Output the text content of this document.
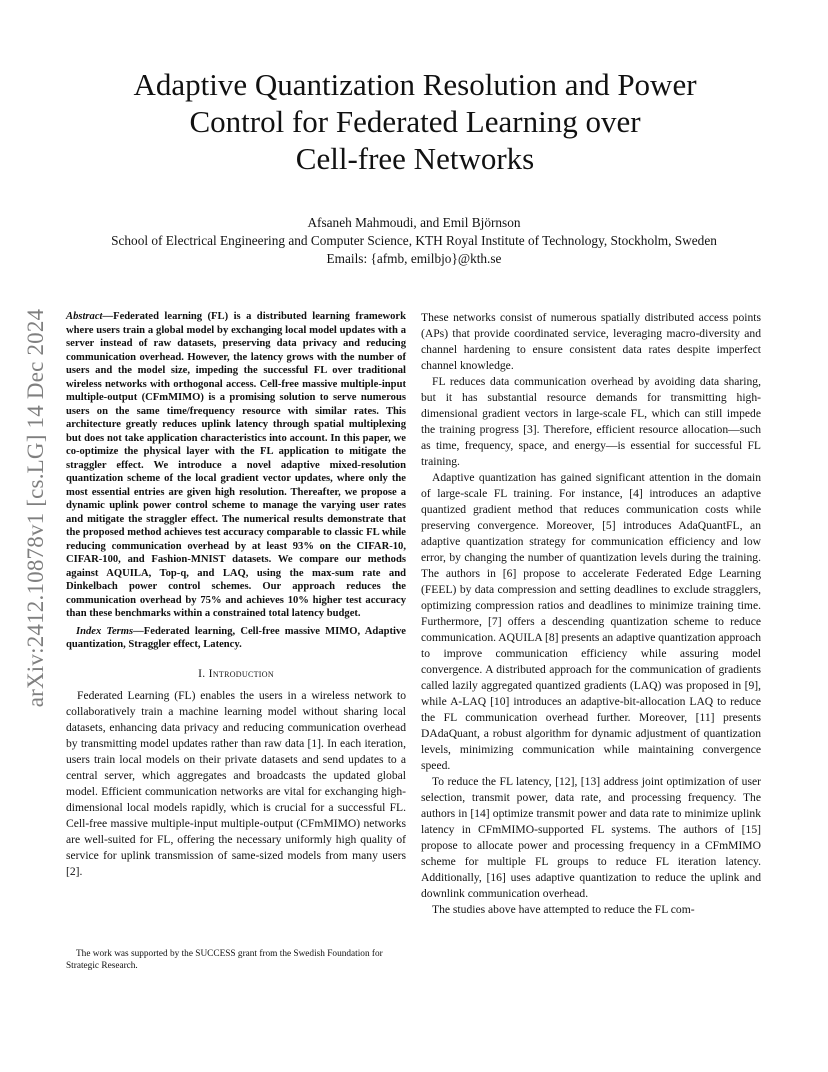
arXiv:2412.10878v1 [cs.LG] 14 Dec 2024
Adaptive Quantization Resolution and Power
Control for Federated Learning over
Cell-free Networks
Afsaneh Mahmoudi, and Emil Björnson
School of Electrical Engineering and Computer Science, KTH Royal Institute of Technology, Stockholm, Sweden
Emails: {afmb, emilbjo}@kth.se

Abstract—Federated learning (FL) is a distributed learning framework where users train a global model by exchanging local model updates with a server instead of raw datasets, preserving data privacy and reducing communication overhead. However, the latency grows with the number of users and the model size, impeding the successful FL over traditional wireless networks with orthogonal access. Cell-free massive multiple-input multiple-output (CFmMIMO) is a promising solution to serve numerous users on the same time/frequency resource with similar rates. This architecture greatly reduces uplink latency through spatial multiplexing but does not take application characteristics into account. In this paper, we co-optimize the physical layer with the FL application to mitigate the straggler effect. We introduce a novel adaptive mixed-resolution quantization scheme of the local gradient vector updates, where only the most essential entries are given high resolution. Thereafter, we propose a dynamic uplink power control scheme to manage the varying user rates and mitigate the straggler effect. The numerical results demonstrate that the proposed method achieves test accuracy comparable to classic FL while reducing communication overhead by at least 93% on the CIFAR-10, CIFAR-100, and Fashion-MNIST datasets. We compare our methods against AQUILA, Top-q, and LAQ, using the max-sum rate and Dinkelbach power control schemes. Our approach reduces the communication overhead by 75% and achieves 10% higher test accuracy than these benchmarks within a constrained total latency budget.

Index Terms—Federated learning, Cell-free massive MIMO, Adaptive quantization, Straggler effect, Latency.

I. Introduction

Federated Learning (FL) enables the users in a wireless network to collaboratively train a machine learning model without sharing local datasets, enhancing data privacy and reducing communication overhead by transmitting model updates rather than raw data [1]. In each iteration, users train local models on their private datasets and send updates to a central server, which aggregates and broadcasts the updated global model. Efficient communication networks are vital for exchanging high-dimensional local models rapidly, which is crucial for a successful FL. Cell-free massive multiple-input multiple-output (CFmMIMO) networks are well-suited for FL, offering the necessary uniformly high quality of service for uplink transmission of same-sized models from many users [2].

The work was supported by the SUCCESS grant from the Swedish Foundation for Strategic Research.

These networks consist of numerous spatially distributed access points (APs) that provide coordinated service, leveraging macro-diversity and channel hardening to ensure consistent data rates despite imperfect channel knowledge.

FL reduces data communication overhead by avoiding data sharing, but it has substantial resource demands for transmitting high-dimensional gradient vectors in large-scale FL, which can still impede the training progress [3]. Therefore, efficient resource allocation—such as time, frequency, space, and energy—is essential for successful FL training.

Adaptive quantization has gained significant attention in the domain of large-scale FL training. For instance, [4] introduces an adaptive quantized gradient method that reduces communication costs while preserving convergence. Moreover, [5] introduces AdaQuantFL, an adaptive quantization strategy for communication efficiency and low error, by changing the number of quantization levels during the training. The authors in [6] propose to accelerate Federated Edge Learning (FEEL) by data compression and setting deadlines to exclude stragglers, optimizing compression ratios and deadlines to minimize training time. Furthermore, [7] offers a descending quantization scheme to reduce communication. AQUILA [8] presents an adaptive quantization approach to improve communication efficiency while assuring model convergence. A distributed approach for the communication of gradients called lazily aggregated quantized gradients (LAQ) was proposed in [9], while A-LAQ [10] introduces an adaptive-bit-allocation LAQ to reduce the FL communication overhead further. Moreover, [11] presents DAdaQuant, a robust algorithm for dynamic adjustment of quantization levels, minimizing communication while maintaining convergence speed.

To reduce the FL latency, [12], [13] address joint optimization of user selection, transmit power, data rate, and processing frequency. The authors in [14] optimize transmit power and data rate to minimize uplink latency in CFmMIMO-supported FL systems. The authors of [15] propose to allocate power and processing frequency in a CFmMIMO scheme for multiple FL groups to reduce FL iteration latency. Additionally, [16] uses adaptive quantization to reduce the uplink and downlink communication overhead.

The studies above have attempted to reduce the FL com-
